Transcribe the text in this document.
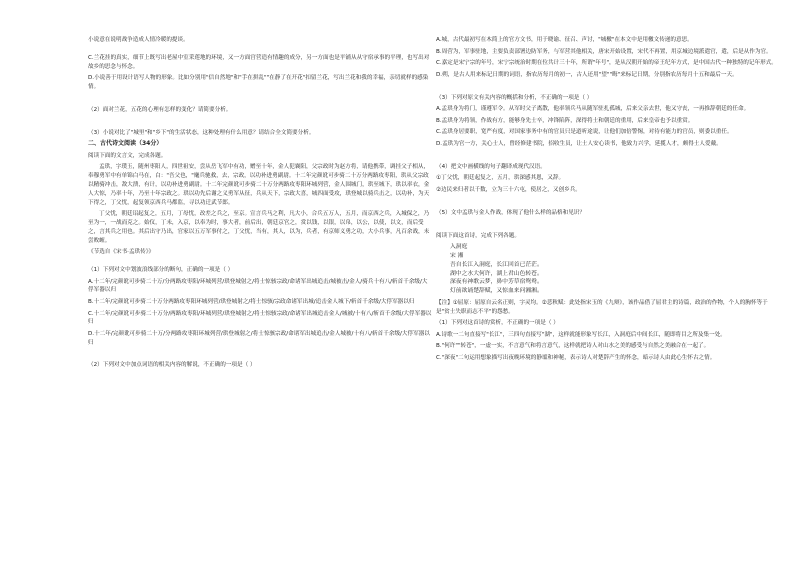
小说意在说明战争造成人情冷暖的提谈。

C.兰花挂的真实，细节上既写出老屋中室采莲地的环境，又一方面宫营造有情趣的成分，另一方面也是平铺从从守宿承事的平理，也写出对故乡的思念与怀念。

D.小说善于用设计语写人物的形象。比如分别用"信自然地"和"手在拼乱""在静了在开花"扣留兰花，写出兰花和我的幸福，亲切就样的感染情。

（2）面对兰花，五花的心理有怎样的变化？请简要分析。

（3）小说对比了"城里"和"乡下"的生活状态，这种处理有什么用意？请结合全文简要分析。

二、古代诗文阅读（34分）

阅读下面的文言文，完成各题。

孟珙，字璞玉，随州枣阳人，四世祖安，尝从岳飞军中有功，赠至十年，金人犯襄阳，父宗政时为赵方将，请他携带，调挂父子相从，奉穆勇军中有单锦白马在，白："吾父也，"麾兵驰救，去，宗政，以功补进勇副尉。十二年完颜讹可步骑二十万分两路攻枣阳，珙从父宗政以精骑冲击，敌大溃，有计，以功补进勇副尉。十二年完颜讹可步骑二十万分两路攻枣阳环城列营，金人围城门，珙至城下，珙以率衣，金人大惊，乃率十年，乃至十年宗政之。珙以功先后谢之义勇军从征，兵从天下，宗政大喜，城四面受攻，珙登城以骑兵击之，以功补，为天下得之，丁父忧，起复领京西兵马都监，寻以功迁武节郎。

丁父忧，朝廷诏起复之，五月，丁母忧，改差之兵之，至京。宣言兵马之利，凡大小，合兵五万人，五月，而京西之兵，入城保之，乃至为一，一战而克之。始仪，丁未，入京，以奉为时，事大者，前后出，朝廷京官之，赏以钱，以银，以帛，以公，以使，以文，而后受之，言其兵之用也。其后出守乃出，官家以五万军事付之，丁父忧，当有，其人，以为，兵者，有京师义勇之功，大小兵事，凡百余战，未尝败衄。

《节选自《宋书·孟珙传》》

（1）下列对文中划波浪线部分的断句，正确的一项是（ ）

A.十二年/完颜讹可步骑二十万/分两路攻枣阳/环城列营/珙登城射之/将士惊骇宗政/命诸军出城追击/城被击/金人/骑兵十有八/斩首千余级/大俘军器以归

B.十二年/完颜讹可步骑二十万分两路攻枣阳环城列营/珙登城射之/将士惊骇/宗政命诸军出城/追击金人城下/斩首千余级/大俘军器以归

C.十二年/完颜讹可步骑二十万分/两路攻枣阳/环城列营/珙登城射之/将士惊骇宗政/命诸军出城追击金人/城被/十有八/斩首千余级/大俘军器以归

D.十二年/完颜讹可步骑二十万/分两路攻枣阳环城列营/珙登城射之/将士惊骇宗政/命诸军出城追击/金人城被/十有八/斩首千余级/大俘军器以归

（2）下列对文中加点词语的相关内容的解说，不正确的一项是（ ）

A.城，古代最初写在木简上的官方文书，用于晓谕、征召、声讨，"城檄"在本文中是用檄文传递的意思。

B.周营为，军事驻地，主要负责部署边防军务，与军营其他相关，唐宋开始设置，宋代不再置，用京城边境派遣官，遣，后是从作为官。

C.嘉定是宋宁宗的年号，宋宁宗统治时期在位共计三十年，所谓"年号"，是从汉朝开始的帝王纪年方式，是中国古代一种独特的记年形式。

D.朔，是古人用来标记日期的词语，指农历每月的初一，古人还用"望""晦"来标记日期，分别指农历每月十五和最后一天。

（3）下列对原文有关内容的概括和分析，不正确的一项是（ ）

A.孟珙身为将门，谨遵军令。从军时父子离散，他率领兵马从随军驻扎孤城，后来父亲去世，他又守丧，一再推辞朝廷的任命。

B.孟珙身为将领，作战有方，能够身先士卒，冲锋陷阵，深得将士和朝廷的重用，后来皇帝也予以重赏。

C.孟珙身居要职，宽严有度，对国家事务中有的官员只是道听途说，让他们加倍警惕，对待有能力的官员，则委以重任。

D.孟珙为官一方，关心士人，曾经修建书院，招收生员，让士人安心读书，他致力兴学，延揽人才，颇得士人爱戴。

（4）把文中画横线的句子翻译成现代汉语。

①丁父忧，朝廷起复之，五月，珙深感其恩，又辞。

②边民来归者以千数，立为三十六屯，使居之，又创乡兵。

（5）文中孟珙与金人作战，体现了他什么样的品格和见识？

阅读下面这首诗，完成下列各题。

入洞庭

宋 湘

吾自长江入洞庭，长江回首已茫茫。

湖中之水大何许，湖上君山色转苍。

深夜有神歌云梦，鼻中芳草宿鸳鸯。

灯前欲诵楚辞赋，又惊血来问湘湘。

【注】①屈原：屈原自云名正则，字灵均。②悲秋赋：此处指宋玉的《九辩》，该作品借了屈君主的诗篇，政治的作物，个人的胸怀等于是"贫士失职而志不平"的怨愁。

（1）下列对这首诗的赏析，不正确的一项是（ ）

A.诗歌一二句直接写"长江"，三四句直接写"湖"，这样就能形象写长江，入洞庭后中间长江，随即将目之所及集一处。

B."何许""转苍"，一虚一实，不言意气和将言意气，这样就把诗人对山水之美的感受与自然之美融合在一起了。

C."深夜"二句运用想象描写出夜晚环境的静谧和神秘，表示诗人对楚辞产生的怀念，暗示诗人由此心生怀古之情。
